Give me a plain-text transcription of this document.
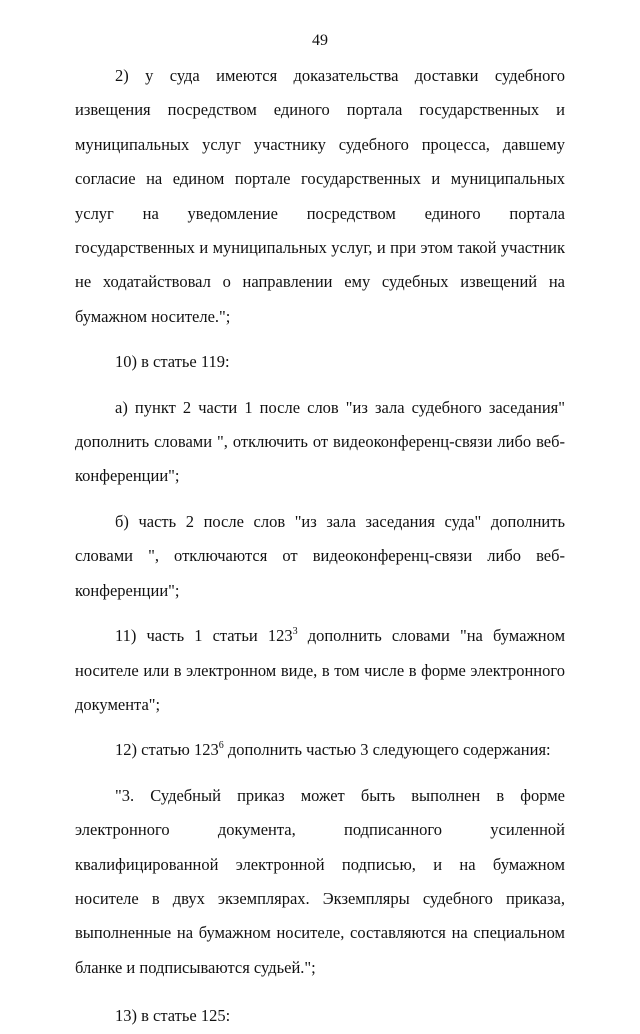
49

2) у суда имеются доказательства доставки судебного извещения посредством единого портала государственных и муниципальных услуг участнику судебного процесса, давшему согласие на едином портале государственных и муниципальных услуг на уведомление посредством единого портала государственных и муниципальных услуг, и при этом такой участник не ходатайствовал о направлении ему судебных извещений на бумажном носителе.";

10) в статье 119:

а) пункт 2 части 1 после слов "из зала судебного заседания" дополнить словами ", отключить от видеоконференц-связи либо веб-конференции";

б) часть 2 после слов "из зала заседания суда" дополнить словами ", отключаются от видеоконференц-связи либо веб-конференции";

11) часть 1 статьи $123^3$ дополнить словами "на бумажном носителе или в электронном виде, в том числе в форме электронного документа";

12) статью $123^6$ дополнить частью 3 следующего содержания:

"3. Судебный приказ может быть выполнен в форме электронного документа, подписанного усиленной квалифицированной электронной подписью, и на бумажном носителе в двух экземплярах. Экземпляры судебного приказа, выполненные на бумажном носителе, составляются на специальном бланке и подписываются судьей.";

13) в статье 125:
